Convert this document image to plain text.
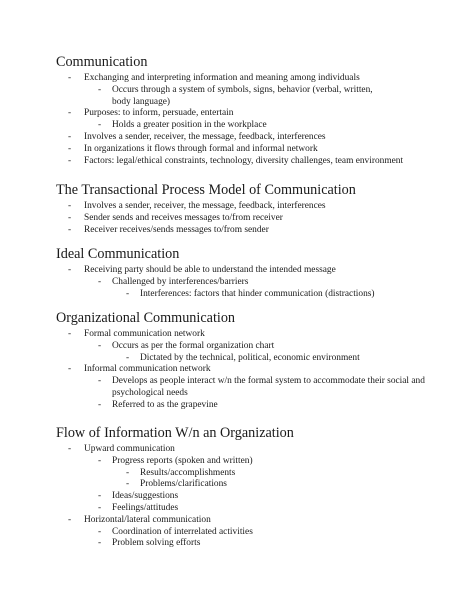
Communication
-	Exchanging and interpreting information and meaning among individuals
-	Occurs through a system of symbols, signs, behavior (verbal, written, body language)
-	Purposes: to inform, persuade, entertain
-	Holds a greater position in the workplace
-	Involves a sender, receiver, the message, feedback, interferences
-	In organizations it flows through formal and informal network
-	Factors: legal/ethical constraints, technology, diversity challenges, team environment
The Transactional Process Model of Communication
-	Involves a sender, receiver, the message, feedback, interferences
-	Sender sends and receives messages to/from receiver
-	Receiver receives/sends messages to/from sender
Ideal Communication
-	Receiving party should be able to understand the intended message
-	Challenged by interferences/barriers
-	Interferences: factors that hinder communication (distractions)
Organizational Communication
-	Formal communication network
-	Occurs as per the formal organization chart
-	Dictated by the technical, political, economic environment
-	Informal communication network
-	Develops as people interact w/n the formal system to accommodate their social and psychological needs
-	Referred to as the grapevine
Flow of Information W/n an Organization
-	Upward communication
-	Progress reports (spoken and written)
-	Results/accomplishments
-	Problems/clarifications
-	Ideas/suggestions
-	Feelings/attitudes
-	Horizontal/lateral communication
-	Coordination of interrelated activities
-	Problem solving efforts
